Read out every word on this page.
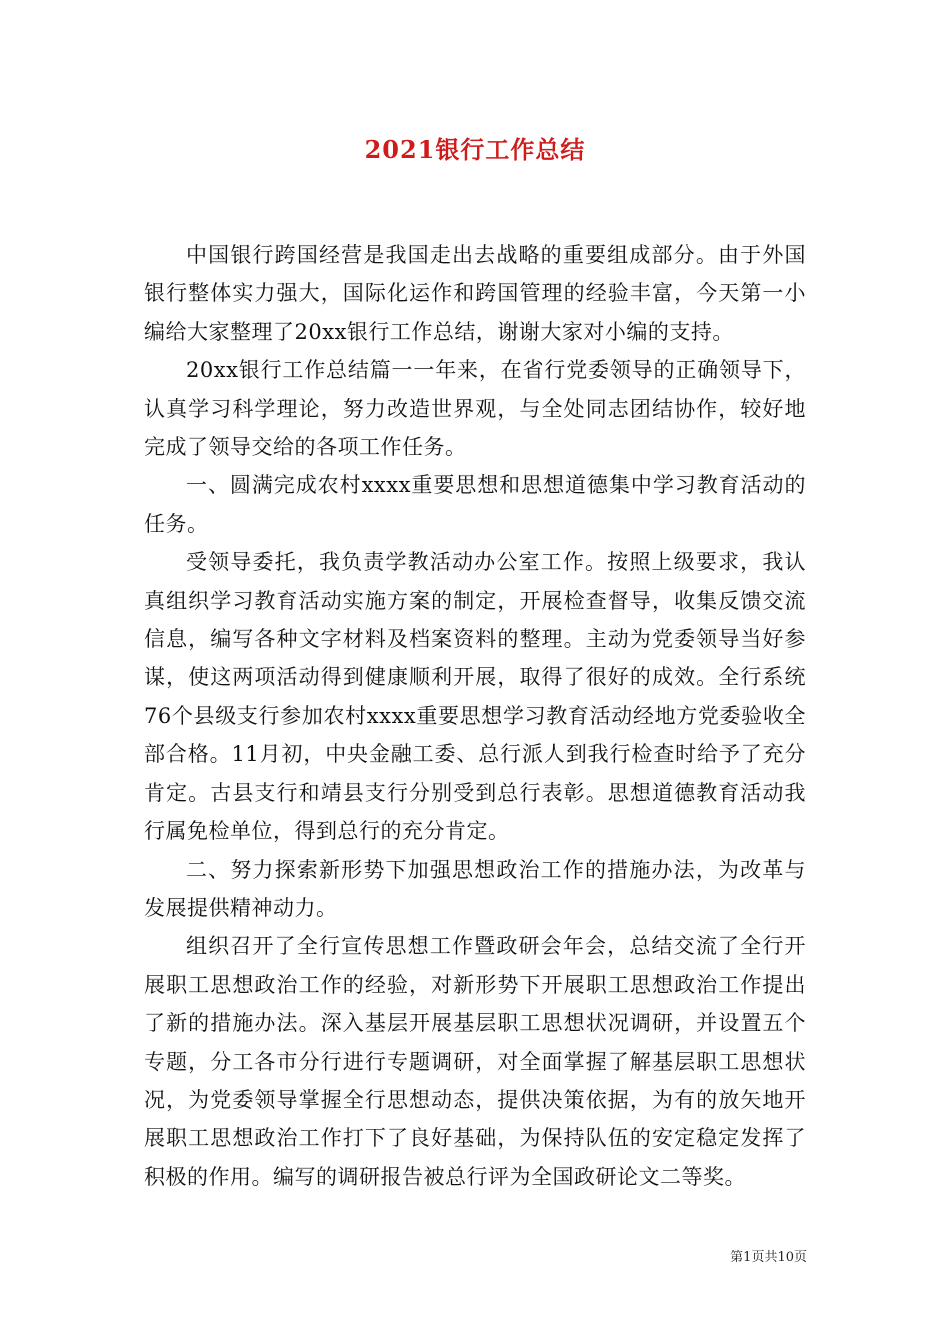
2021银行工作总结

中国银行跨国经营是我国走出去战略的重要组成部分。由于外国银行整体实力强大，国际化运作和跨国管理的经验丰富，今天第一小编给大家整理了20xx银行工作总结，谢谢大家对小编的支持。

20xx银行工作总结篇一一年来，在省行党委领导的正确领导下，认真学习科学理论，努力改造世界观，与全处同志团结协作，较好地完成了领导交给的各项工作任务。

一、圆满完成农村xxxx重要思想和思想道德集中学习教育活动的任务。

受领导委托，我负责学教活动办公室工作。按照上级要求，我认真组织学习教育活动实施方案的制定，开展检查督导，收集反馈交流信息，编写各种文字材料及档案资料的整理。主动为党委领导当好参谋，使这两项活动得到健康顺利开展，取得了很好的成效。全行系统76个县级支行参加农村xxxx重要思想学习教育活动经地方党委验收全部合格。11月初，中央金融工委、总行派人到我行检查时给予了充分肯定。古县支行和靖县支行分别受到总行表彰。思想道德教育活动我行属免检单位，得到总行的充分肯定。

二、努力探索新形势下加强思想政治工作的措施办法，为改革与发展提供精神动力。

组织召开了全行宣传思想工作暨政研会年会，总结交流了全行开展职工思想政治工作的经验，对新形势下开展职工思想政治工作提出了新的措施办法。深入基层开展基层职工思想状况调研，并设置五个专题，分工各市分行进行专题调研，对全面掌握了解基层职工思想状况，为党委领导掌握全行思想动态，提供决策依据，为有的放矢地开展职工思想政治工作打下了良好基础，为保持队伍的安定稳定发挥了积极的作用。编写的调研报告被总行评为全国政研论文二等奖。

第1页共10页
